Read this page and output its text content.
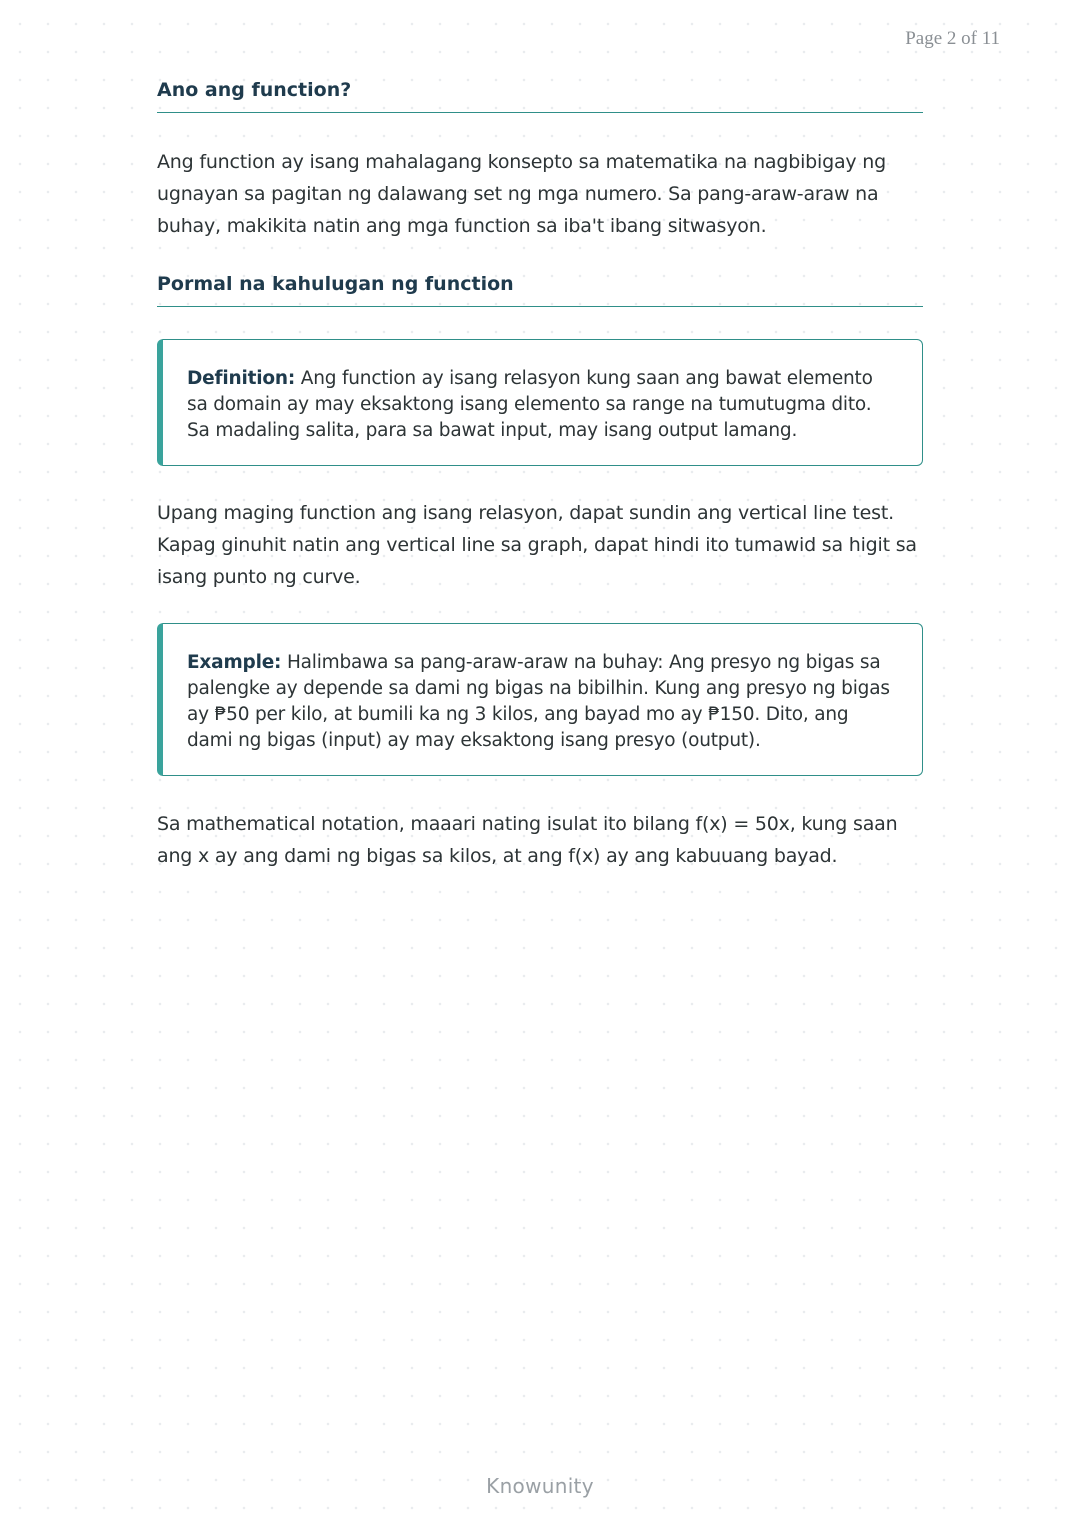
Page 2 of 11
Ano ang function?

Ang function ay isang mahalagang konsepto sa matematika na nagbibigay ng ugnayan sa pagitan ng dalawang set ng mga numero. Sa pang-araw-araw na buhay, makikita natin ang mga function sa iba't ibang sitwasyon.

Pormal na kahulugan ng function
Definition: Ang function ay isang relasyon kung saan ang bawat elemento sa domain ay may eksaktong isang elemento sa range na tumutugma dito. Sa madaling salita, para sa bawat input, may isang output lamang.

Upang maging function ang isang relasyon, dapat sundin ang vertical line test. Kapag ginuhit natin ang vertical line sa graph, dapat hindi ito tumawid sa higit sa isang punto ng curve.

Example: Halimbawa sa pang-araw-araw na buhay: Ang presyo ng bigas sa palengke ay depende sa dami ng bigas na bibilhin. Kung ang presyo ng bigas ay ₱50 per kilo, at bumili ka ng 3 kilos, ang bayad mo ay ₱150. Dito, ang dami ng bigas (input) ay may eksaktong isang presyo (output).

Sa mathematical notation, maaari nating isulat ito bilang f(x) = 50x, kung saan ang x ay ang dami ng bigas sa kilos, at ang f(x) ay ang kabuuang bayad.

Knowunity
